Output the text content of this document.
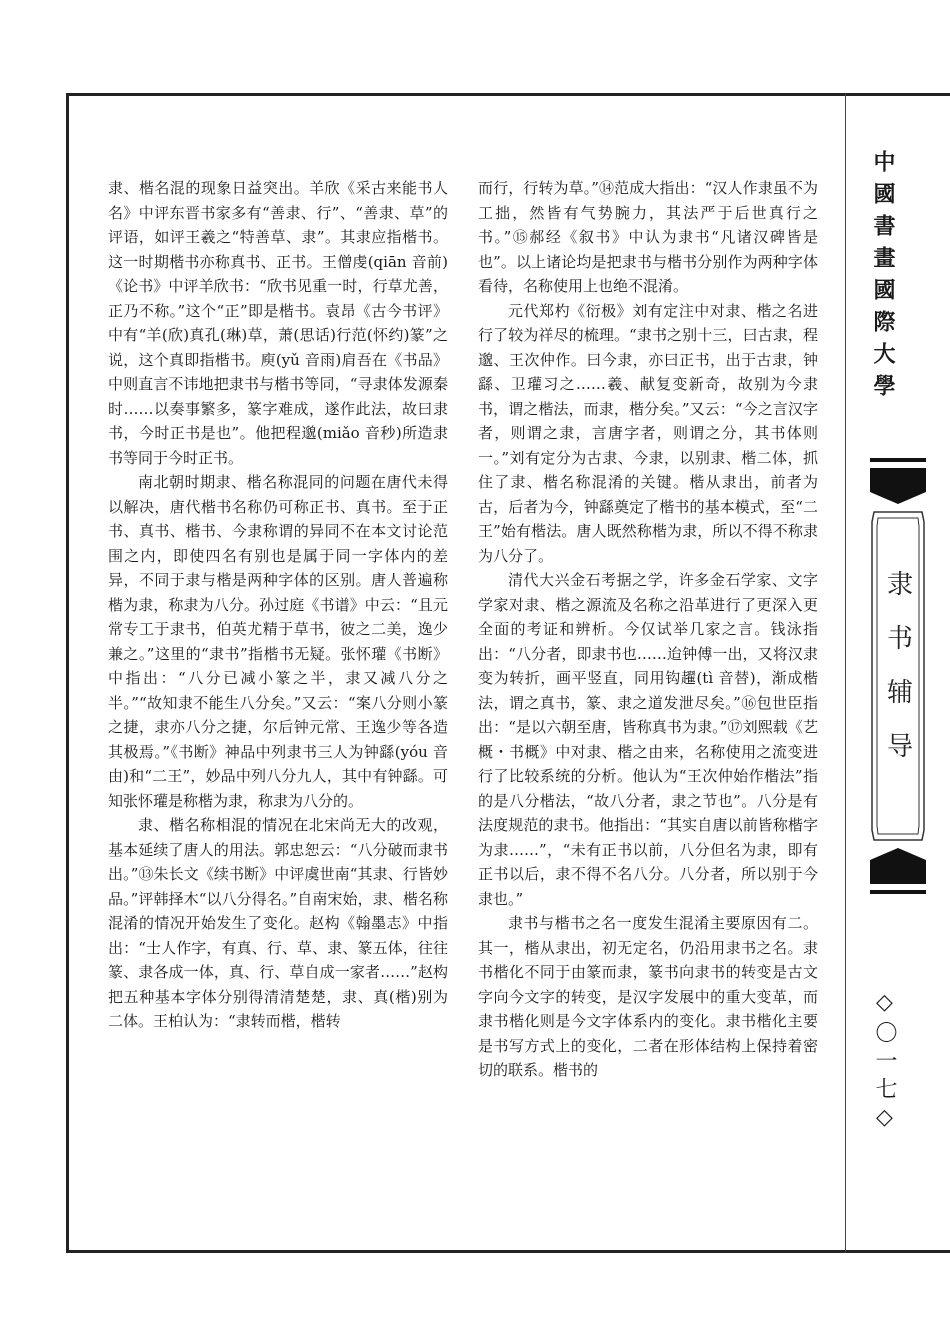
隶、楷名混的现象日益突出。羊欣《采古来能书人名》中评东晋书家多有“善隶、行”、“善隶、草”的评语，如评王羲之“特善草、隶”。其隶应指楷书。这一时期楷书亦称真书、正书。王僧虔(qiān 音前)《论书》中评羊欣书：“欣书见重一时，行草尤善，正乃不称。”这个“正”即是楷书。袁昂《古今书评》中有“羊(欣)真孔(琳)草，萧(思话)行范(怀约)篆”之说，这个真即指楷书。庾(yǔ 音雨)肩吾在《书品》中则直言不讳地把隶书与楷书等同，“寻隶体发源秦时……以奏事繁多，篆字难成，遂作此法，故曰隶书，今时正书是也”。他把程邈(miǎo 音秒)所造隶书等同于今时正书。

南北朝时期隶、楷名称混同的问题在唐代未得以解决，唐代楷书名称仍可称正书、真书。至于正书、真书、楷书、今隶称谓的异同不在本文讨论范围之内，即使四名有别也是属于同一字体内的差异，不同于隶与楷是两种字体的区别。唐人普遍称楷为隶，称隶为八分。孙过庭《书谱》中云：“且元常专工于隶书，伯英尤精于草书，彼之二美，逸少兼之。”这里的“隶书”指楷书无疑。张怀瓘《书断》中指出：“八分已减小篆之半，隶又减八分之半。”“故知隶不能生八分矣。”又云：“案八分则小篆之捷，隶亦八分之捷，尔后钟元常、王逸少等各造其极焉。”《书断》神品中列隶书三人为钟繇(yóu 音由)和“二王”，妙品中列八分九人，其中有钟繇。可知张怀瓘是称楷为隶，称隶为八分的。

隶、楷名称相混的情况在北宋尚无大的改观，基本延续了唐人的用法。郭忠恕云：“八分破而隶书出。”⑬朱长文《续书断》中评虞世南“其隶、行皆妙品。”评韩择木“以八分得名。”自南宋始，隶、楷名称混淆的情况开始发生了变化。赵构《翰墨志》中指出：“士人作字，有真、行、草、隶、篆五体，往往篆、隶各成一体，真、行、草自成一家者……”赵构把五种基本字体分别得清清楚楚，隶、真(楷)别为二体。王柏认为：“隶转而楷，楷转

而行，行转为草。”⑭范成大指出：“汉人作隶虽不为工拙，然皆有气势腕力，其法严于后世真行之书。”⑮郝经《叙书》中认为隶书“凡诸汉碑皆是也”。以上诸论均是把隶书与楷书分别作为两种字体看待，名称使用上也绝不混淆。

元代郑杓《衍极》刘有定注中对隶、楷之名进行了较为祥尽的梳理。“隶书之别十三，曰古隶，程邈、王次仲作。曰今隶，亦曰正书，出于古隶，钟繇、卫瓘习之……羲、献复变新奇，故别为今隶书，谓之楷法，而隶，楷分矣。”又云：“今之言汉字者，则谓之隶，言唐字者，则谓之分，其书体则一。”刘有定分为古隶、今隶，以别隶、楷二体，抓住了隶、楷名称混淆的关键。楷从隶出，前者为古，后者为今，钟繇奠定了楷书的基本模式，至“二王”始有楷法。唐人既然称楷为隶，所以不得不称隶为八分了。

清代大兴金石考据之学，许多金石学家、文字学家对隶、楷之源流及名称之沿革进行了更深入更全面的考证和辨析。今仅试举几家之言。钱泳指出：“八分者，即隶书也……迨钟傅一出，又将汉隶变为转折，画平竖直，同用钩趯(tì 音替)，渐成楷法，谓之真书，篆、隶之道发泄尽矣。”⑯包世臣指出：“是以六朝至唐，皆称真书为隶。”⑰刘熙载《艺概・书概》中对隶、楷之由来，名称使用之流变进行了比较系统的分析。他认为“王次仲始作楷法”指的是八分楷法，“故八分者，隶之节也”。八分是有法度规范的隶书。他指出：“其实自唐以前皆称楷字为隶……”，“未有正书以前，八分但名为隶，即有正书以后，隶不得不名八分。八分者，所以别于今隶也。”

隶书与楷书之名一度发生混淆主要原因有二。其一，楷从隶出，初无定名，仍沿用隶书之名。隶书楷化不同于由篆而隶，篆书向隶书的转变是古文字向今文字的转变，是汉字发展中的重大变革，而隶书楷化则是今文字体系内的变化。隶书楷化主要是书写方式上的变化，二者在形体结构上保持着密切的联系。楷书的

中國書畫國際大學
隶书辅导
◇〇一七◇
